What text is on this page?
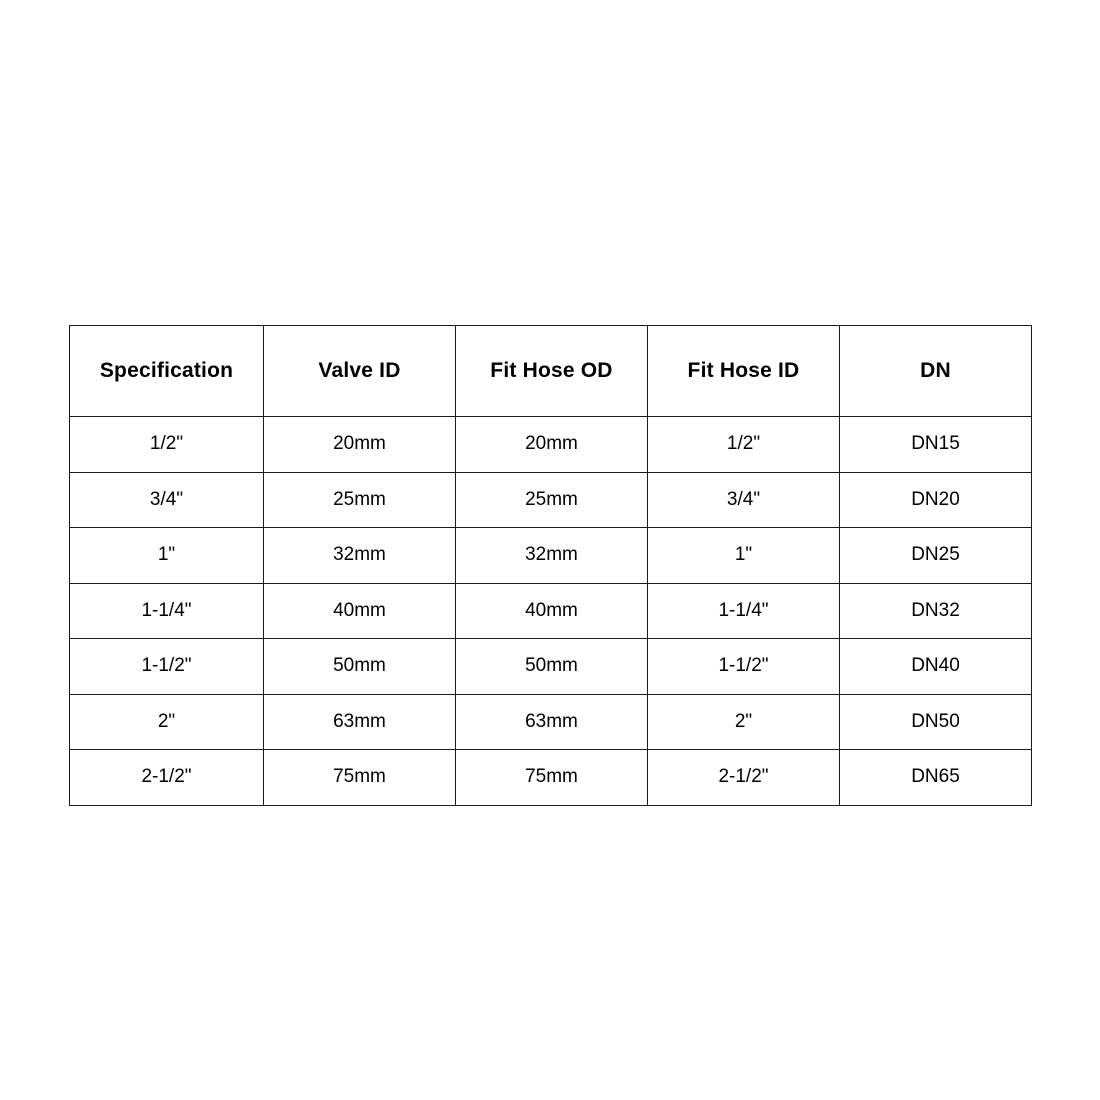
Specification	Valve ID	Fit Hose OD	Fit Hose ID	DN
1/2"	20mm	20mm	1/2"	DN15
3/4"	25mm	25mm	3/4"	DN20
1"	32mm	32mm	1"	DN25
1-1/4"	40mm	40mm	1-1/4"	DN32
1-1/2"	50mm	50mm	1-1/2"	DN40
2"	63mm	63mm	2"	DN50
2-1/2"	75mm	75mm	2-1/2"	DN65
